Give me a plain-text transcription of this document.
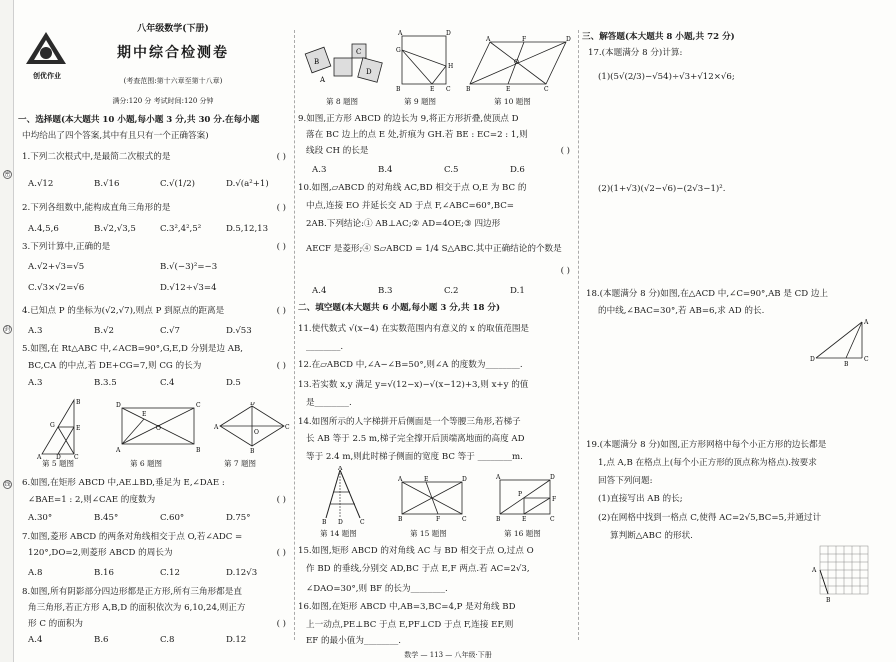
密
封
线
创优作业
八年级数学(下册)
期中综合检测卷
(考查范围:第十六章至第十八章)
满分:120 分 考试时间:120 分钟
一、选择题(本大题共 10 小题,每小题 3 分,共 30 分.在每小题
中均给出了四个答案,其中有且只有一个正确答案)
1.下列二次根式中,是最简二次根式的是	( )
A.√12	B.√16	C.√(1/2)	D.√(a²+1)
2.下列各组数中,能构成直角三角形的是	( )
A.4,5,6	B.√2,√3,5	C.3²,4²,5²	D.5,12,13
3.下列计算中,正确的是	( )
A.√2+√3=√5	B.√(−3)²=−3
C.√3×√2=√6	D.√12÷√3=4
4.已知点 P 的坐标为(√2,√7),则点 P 到原点的距离是	( )
A.3	B.√2	C.√7	D.√53
5.如图,在 Rt△ABC 中,∠ACB=90°,G,E,D 分别是边 AB,
BC,CA 的中点,若 DE+CG=7,则 CG 的长为	( )
A.3	B.3.5	C.4	D.5
B
G	E
A D C
D	C
A	B
O
E
A	C
D
B
O
第 5 题图	第 6 题图	第 7 题图
6.如图,在矩形 ABCD 中,AE⊥BD,垂足为 E,∠DAE :
∠BAE=1 : 2,则∠CAE 的度数为	( )
A.30°	B.45°	C.60°	D.75°
7.如图,菱形 ABCD 的两条对角线相交于点 O,若∠ADC =
120°,DO=2,则菱形 ABCD 的周长为	( )
A.8	B.16	C.12	D.12√3
8.如图,所有阴影部分四边形都是正方形,所有三角形都是直
角三角形,若正方形 A,B,D 的面积依次为 6,10,24,则正方
形 C 的面积为	( )
A.4	B.6	C.8	D.12
B
A
C
D
A	D
G
H
B	E C
A	F	D
O
B	E	C
第 8 题图	第 9 题图	第 10 题图
9.如图,正方形 ABCD 的边长为 9,将正方形折叠,使顶点 D
落在 BC 边上的点 E 处,折痕为 GH.若 BE : EC=2 : 1,则
线段 CH 的长是	( )
A.3	B.4	C.5	D.6
10.如图,▱ABCD 的对角线 AC,BD 相交于点 O,E 为 BC 的
中点,连接 EO 并延长交 AD 于点 F,∠ABC=60°,BC=
2AB.下列结论:① AB⊥AC;② AD=4OE;③ 四边形
AECF 是菱形;④ S▱ABCD = 1/4 S△ABC.其中正确结论的个数是
( )
A.4	B.3	C.2	D.1
二、填空题(本大题共 6 小题,每小题 3 分,共 18 分)
11.使代数式 √(x−4) 在实数范围内有意义的 x 的取值范围是
________.
12.在▱ABCD 中,∠A−∠B=50°,则∠A 的度数为________.
13.若实数 x,y 满足 y=√(12−x)−√(x−12)+3,则 x+y 的值
是________.
14.如图所示的人字梯拼开后侧面是一个等腰三角形,若梯子
长 AB 等于 2.5 m,梯子完全撑开后顶端离地面的高度 AD
等于 2.4 m,则此时梯子侧面的宽度 BC 等于 ________m.
A
B D	C
A	E	D
B	F	C
A	D
P
F
B	E	C
第 14 题图	第 15 题图	第 16 题图
15.如图,矩形 ABCD 的对角线 AC 与 BD 相交于点 O,过点 O
作 BD 的垂线,分别交 AD,BC 于点 E,F 两点.若 AC=2√3,
∠DAO=30°,则 BF 的长为________.
16.如图,在矩形 ABCD 中,AB=3,BC=4,P 是对角线 BD
上一动点,PE⊥BC 于点 E,PF⊥CD 于点 F,连接 EF,则
EF 的最小值为________.
三、解答题(本大题共 8 小题,共 72 分)
17.(本题满分 8 分)计算:
(1)(5√(2/3)−√54)÷√3+√12×√6;
(2)(1+√3)(√2−√6)−(2√3−1)².
18.(本题满分 8 分)如图,在△ACD 中,∠C=90°,AB 是 CD 边上
的中线,∠BAC=30°,若 AB=6,求 AD 的长.
A
D
B
C
19.(本题满分 8 分)如图,正方形网格中每个小正方形的边长都是
1,点 A,B 在格点上(每个小正方形的顶点称为格点).按要求
回答下列问题:
(1)直接写出 AB 的长;
(2)在网格中找到一格点 C,使得 AC=2√5,BC=5,并通过计
算判断△ABC 的形状.
A
B
数学 — 113 — 八年级·下册
